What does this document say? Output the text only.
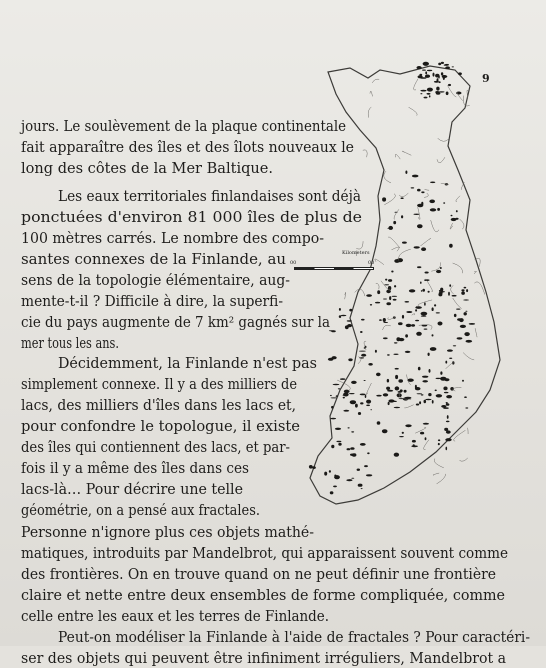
9
Kilometers
00	00
jours. Le soulèvement de la plaque continentale
fait apparaître des îles et des îlots nouveaux le
long des côtes de la Mer Baltique.
Les eaux territoriales finlandaises sont déjà
ponctuées d'environ 81 000 îles de plus de
100 mètres carrés. Le nombre des compo-
santes connexes de la Finlande, au
sens de la topologie élémentaire, aug-
mente-t-il ? Difficile à dire, la superfi-
cie du pays augmente de 7 km² gagnés sur la
mer tous les ans.
Décidemment, la Finlande n'est pas
simplement connexe. Il y a des milliers de
lacs, des milliers d'îles dans les lacs et,
pour confondre le topologue, il existe
des îles qui contiennent des lacs, et par-
fois il y a même des îles dans ces
lacs-là… Pour décrire une telle
géométrie, on a pensé aux fractales.
Personne n'ignore plus ces objets mathé-
matiques, introduits par Mandelbrot, qui apparaissent souvent comme
des frontières. On en trouve quand on ne peut définir une frontière
claire et nette entre deux ensembles de forme compliquée, comme
celle entre les eaux et les terres de Finlande.
Peut-on modéliser la Finlande à l'aide de fractales ? Pour caractéri-
ser des objets qui peuvent être infiniment irréguliers, Mandelbrot a
